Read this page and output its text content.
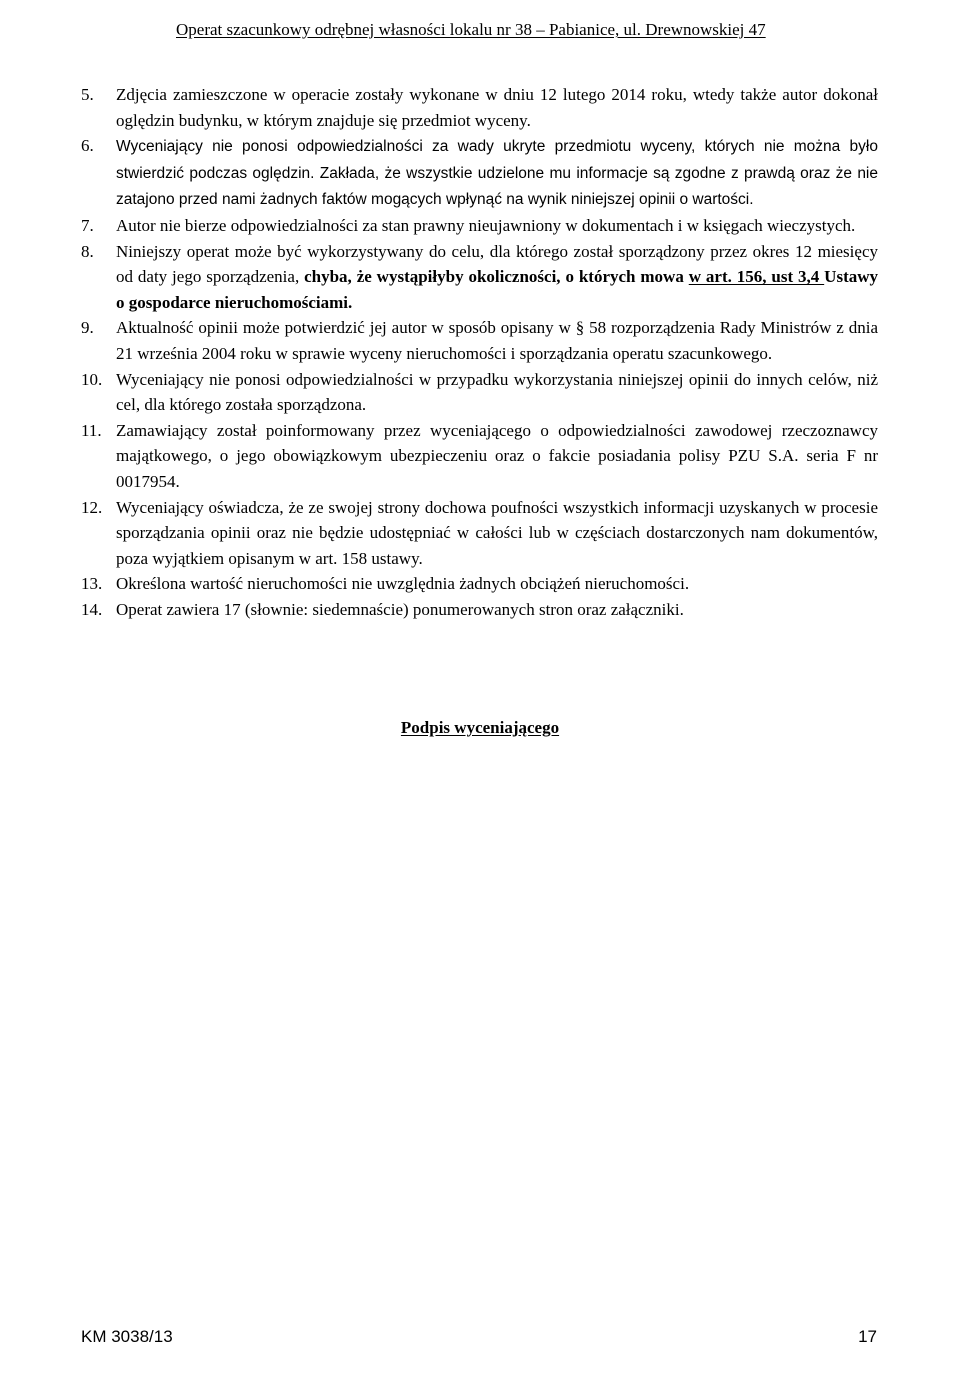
Operat szacunkowy odrębnej własności lokalu nr 38 – Pabianice, ul. Drewnowskiej 47
5. Zdjęcia zamieszczone w operacie zostały wykonane w dniu 12 lutego 2014 roku, wtedy także autor dokonał oględzin budynku, w którym znajduje się przedmiot wyceny.
6. Wyceniający nie ponosi odpowiedzialności za wady ukryte przedmiotu wyceny, których nie można było stwierdzić podczas oględzin. Zakłada, że wszystkie udzielone mu informacje są zgodne z prawdą oraz że nie zatajono przed nami żadnych faktów mogących wpłynąć na wynik niniejszej opinii o wartości.
7. Autor nie bierze odpowiedzialności za stan prawny nieujawniony w dokumentach i w księgach wieczystych.
8. Niniejszy operat może być wykorzystywany do celu, dla którego został sporządzony przez okres 12 miesięcy od daty jego sporządzenia, chyba, że wystąpiłyby okoliczności, o których mowa w art. 156, ust 3,4 Ustawy o gospodarce nieruchomościami.
9. Aktualność opinii może potwierdzić jej autor w sposób opisany w § 58 rozporządzenia Rady Ministrów z dnia 21 września 2004 roku w sprawie wyceny nieruchomości i sporządzania operatu szacunkowego.
10. Wyceniający nie ponosi odpowiedzialności w przypadku wykorzystania niniejszej opinii do innych celów, niż cel, dla którego została sporządzona.
11. Zamawiający został poinformowany przez wyceniającego o odpowiedzialności zawodowej rzeczoznawcy majątkowego, o jego obowiązkowym ubezpieczeniu oraz o fakcie posiadania polisy PZU S.A. seria F nr 0017954.
12. Wyceniający oświadcza, że ze swojej strony dochowa poufności wszystkich informacji uzyskanych w procesie sporządzania opinii oraz nie będzie udostępniać w całości lub w częściach dostarczonych nam dokumentów, poza wyjątkiem opisanym w art. 158 ustawy.
13. Określona wartość nieruchomości nie uwzględnia żadnych obciążeń nieruchomości.
14. Operat zawiera 17 (słownie: siedemnaście) ponumerowanych stron oraz załączniki.
Podpis wyceniającego
KM 3038/13	17
